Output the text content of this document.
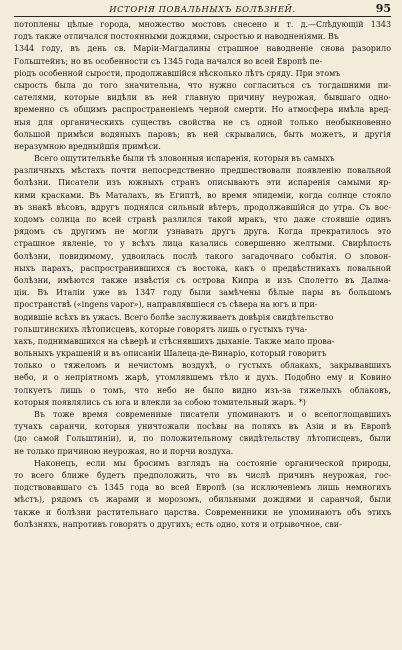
ИСТОРІЯ ПОВАЛЬНЫХЪ БОЛѢЗНЕЙ.	95

потоплены цѣлые города, множество мостовъ снесено и т. д.—Слѣдующій 1343
годъ также отличался постоянными дождями, сыростью и наводненіями. Въ
1344 году, въ день св. Маріи-Магдалины страшное наводненіе снова разорило
Гольштейнъ; но въ особенности съ 1345 года начался во всей Европѣ пе-
ріодъ особенной сырости, продолжавшійся нѣсколько лѣтъ сряду. При этомъ
сырость была до того значительна, что нужно согласиться съ тогдашними пи-
сателями, которые видѣли въ ней главную причину неурожая, бывшаго одно-
временно съ общимъ распространеніемъ черной смерти. Но атмосфера имѣла вред-
ныя для органическихъ существъ свойства не съ одной только необыкновенно
большой примѣси водяныхъ паровъ; въ ней скрывались, быть можетъ, и другія
неразумною вредныйшія примѣси.

Всего ощутительнѣе были тѣ зловонныя испаренія, которыя въ самыхъ
различныхъ мѣстахъ почти непосредственно предшествовали появленію повальной
болѣзни. Писатели изъ южныхъ странъ описываютъ эти испаренія самыми яр-
кими красками. Въ Маталахъ, въ Египтѣ, во время эпидеміи, когда солнце стояло
въ знакѣ вѣсовъ, вдругъ поднялся сильный вѣтеръ, продолжавшійся до утра. Съ вос-
ходомъ солнца по всей странѣ разлился такой мракъ, что даже стоявшіе одинъ
рядомъ съ другимъ не могли узнавать другъ друга. Когда прекратилось это
страшное явленіе, то у всѣхъ лица казались совершенно желтыми. Свирѣпость
болѣзни, повидимому, удвоилась послѣ такого загадочнаго событія. О зловон-
ныхъ парахъ, распространившихся съ востока, какъ о предвѣстникахъ повальной
болѣзни, имѣются также извѣстія съ острова Кипра и изъ Сполетто въ Далма-
ціи. Въ Италіи уже въ 1347 году были замѣчены бѣлые пары въ большомъ
пространствѣ («ingens vapor»), направлявшіеся съ сѣвера на югъ и при-
водившіе всѣхъ въ ужасъ. Всего болѣе заслуживаетъ довѣрія свидѣтельство
гольштинскихъ лѣтописцевъ, которые говорятъ лишь о густыхъ туча-
хахъ, поднимавшихся на сѣверѣ и стѣснявшихъ дыханіе. Также мало прова-
вольныхъ украшеній и въ описаніи Шалеца-де-Винаріо, который говоритъ
только о тяжеломъ и нечистомъ воздухѣ, о густыхъ облакахъ, закрывавшихъ
небо, и о непріятномъ жарѣ, утомлявшемъ тѣло и духъ. Подобно ему и Ковино
толкуетъ лишь о томъ, что небо не было видно изъ-за тяжелыхъ облаковъ,
которыя появлялись съ юга и влекли за собою томительный жаръ. *)

Въ тоже время современные писатели упоминаютъ и о всепоглощавшихъ
тучахъ саранчи, которыя уничтожали посѣвы на поляхъ въ Азіи и въ Европѣ
(до самой Гольштиніи), и, по положительному свидѣтельству лѣтописцевъ, были
не только причиною неурожая, но и порчи воздуха.

Наконецъ, если мы бросимъ взглядъ на состояніе органической природы,
то всего ближе будетъ предположить, что въ числѣ причинъ неурожая, гос-
подствовавшаго съ 1345 года во всей Европѣ (за исключеніемъ лишь немногихъ
мѣстъ), рядомъ съ жарами и морозомъ, обильными дождями и саранчой, были
также и болѣзни растительнаго царства. Современники не упоминаютъ объ этихъ
болѣзняхъ, напротивъ говорятъ о другихъ; есть одно, хотя и отрывочное, сви-
